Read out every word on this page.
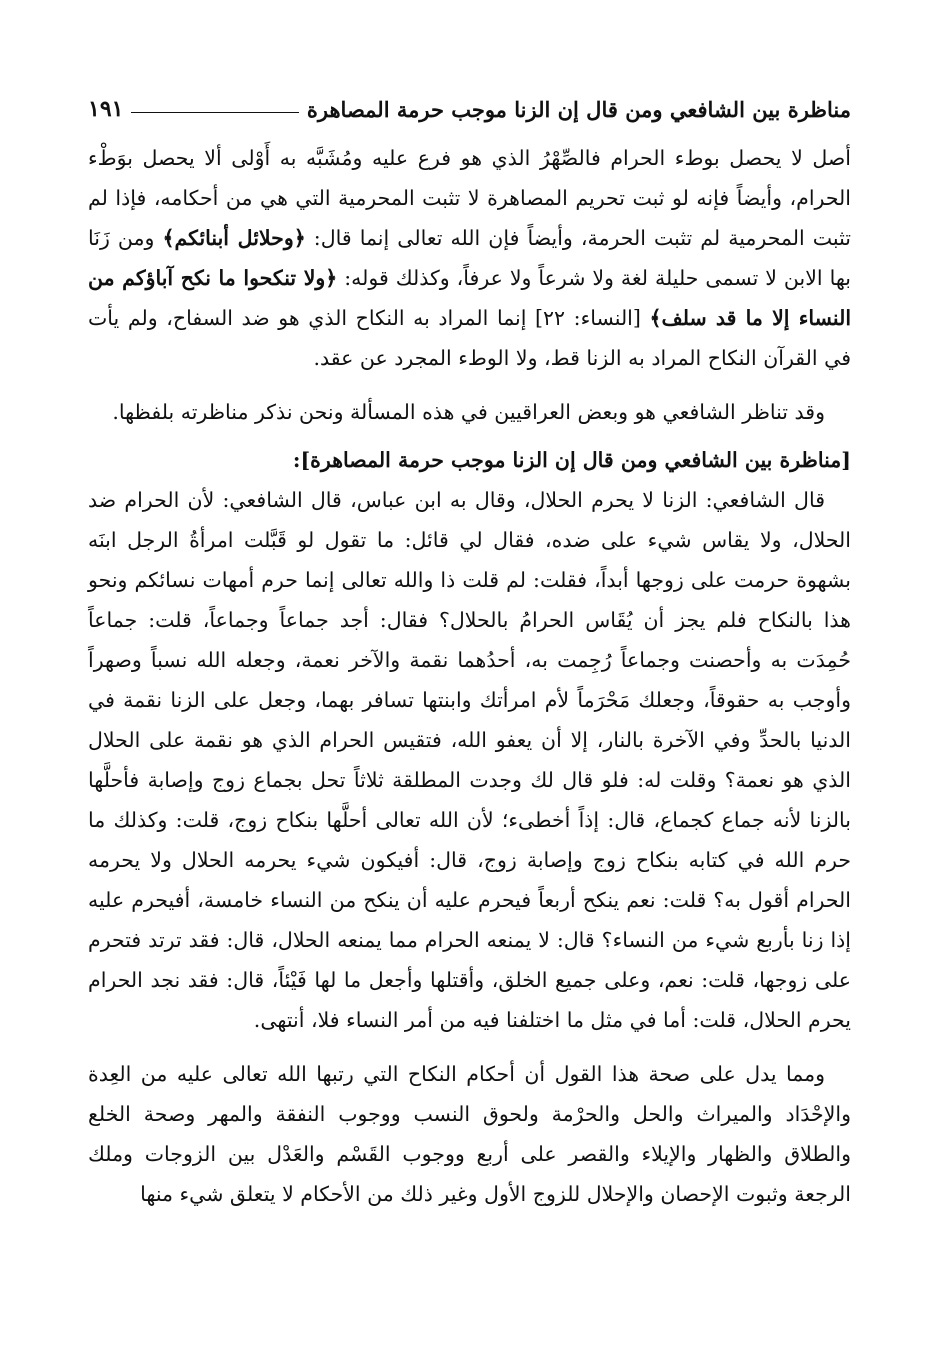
مناظرة بين الشافعي ومن قال إن الزنا موجب حرمة المصاهرة
١٩١

أصل لا يحصل بوطء الحرام فالصِّهْرُ الذي هو فرع عليه ومُشَبَّه به أَوْلى ألا يحصل بوَطْء الحرام، وأيضاً فإنه لو ثبت تحريم المصاهرة لا تثبت المحرمية التي هي من أحكامه، فإذا لم تثبت المحرمية لم تثبت الحرمة، وأيضاً فإن الله تعالى إنما قال: ﴿وحلائل أبنائكم﴾ ومن زَنَا بها الابن لا تسمى حليلة لغة ولا شرعاً ولا عرفاً، وكذلك قوله: ﴿ولا تنكحوا ما نكح آباؤكم من النساء إلا ما قد سلف﴾ [النساء: ٢٢] إنما المراد به النكاح الذي هو ضد السفاح، ولم يأت في القرآن النكاح المراد به الزنا قط، ولا الوطء المجرد عن عقد.

وقد تناظر الشافعي هو وبعض العراقيين في هذه المسألة ونحن نذكر مناظرته بلفظها.

[مناظرة بين الشافعي ومن قال إن الزنا موجب حرمة المصاهرة]:

قال الشافعي: الزنا لا يحرم الحلال، وقال به ابن عباس، قال الشافعي: لأن الحرام ضد الحلال، ولا يقاس شيء على ضده، فقال لي قائل: ما تقول لو قَبَّلت امرأةُ الرجل ابنَه بشهوة حرمت على زوجها أبداً، فقلت: لم قلت ذا والله تعالى إنما حرم أمهات نسائكم ونحو هذا بالنكاح فلم يجز أن يُقَاس الحرامُ بالحلال؟ فقال: أجد جماعاً وجماعاً، قلت: جماعاً حُمِدَت به وأحصنت وجماعاً رُجِمت به، أحدُهما نقمة والآخر نعمة، وجعله الله نسباً وصهراً وأوجب به حقوقاً، وجعلك مَحْرَماً لأم امرأتك وابنتها تسافر بهما، وجعل على الزنا نقمة في الدنيا بالحدِّ وفي الآخرة بالنار، إلا أن يعفو الله، فتقيس الحرام الذي هو نقمة على الحلال الذي هو نعمة؟ وقلت له: فلو قال لك وجدت المطلقة ثلاثاً تحل بجماع زوج وإصابة فأحلَّها بالزنا لأنه جماع كجماع، قال: إذاً أخطىء؛ لأن الله تعالى أحلَّها بنكاح زوج، قلت: وكذلك ما حرم الله في كتابه بنكاح زوج وإصابة زوج، قال: أفيكون شيء يحرمه الحلال ولا يحرمه الحرام أقول به؟ قلت: نعم ينكح أربعاً فيحرم عليه أن ينكح من النساء خامسة، أفيحرم عليه إذا زنا بأربع شيء من النساء؟ قال: لا يمنعه الحرام مما يمنعه الحلال، قال: فقد ترتد فتحرم على زوجها، قلت: نعم، وعلى جميع الخلق، وأقتلها وأجعل ما لها فَيْئاً، قال: فقد نجد الحرام يحرم الحلال، قلت: أما في مثل ما اختلفنا فيه من أمر النساء فلا، أنتهى.

ومما يدل على صحة هذا القول أن أحكام النكاح التي رتبها الله تعالى عليه من العِدة والإحْدَاد والميراث والحل والحرْمة ولحوق النسب ووجوب النفقة والمهر وصحة الخلع والطلاق والظهار والإيلاء والقصر على أربع ووجوب القَسْم والعَدْل بين الزوجات وملك الرجعة وثبوت الإحصان والإحلال للزوج الأول وغير ذلك من الأحكام لا يتعلق شيء منها
